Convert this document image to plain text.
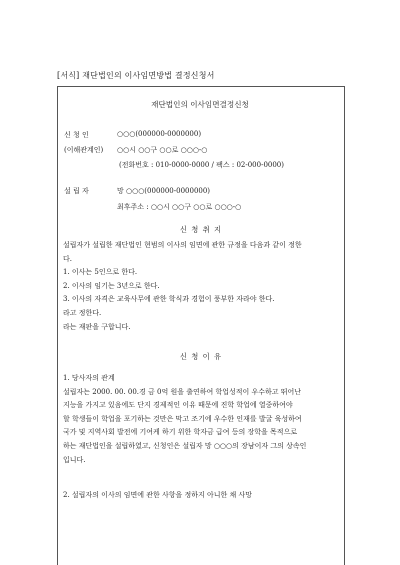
[서식] 재단법인의 이사임면방법 결정신청서
재단법인의 이사임면결정신청
신 청 인	○○○(000000-0000000)
(이해관계인) ○○시 ○○구 ○○로 ○○○-○
(전화번호 : 010-0000-0000 / 팩스 : 02-000-0000)
설 립 자	망 ○○○(000000-0000000)
최후주소 : ○○시 ○○구 ○○로 ○○○-○
신 청 취 지
설립자가 설립한 재단법인 현범의 이사의 임면에 관한 규정을 다음과 같이 정한
다.
1. 이사는 5인으로 한다.
2. 이사의 임기는 3년으로 한다.
3. 이사의 자격은 교육사무에 관한 학식과 경험이 풍부한 자라야 한다.
라고 정한다.
라는 재판을 구합니다.
신 청 이 유
1. 당사자의 관계
설립자는 2000. 00. 00.경 금 0억 원을 출연하여 학업성적이 우수하고 뛰어난
지능을 가지고 있음에도 단지 경제적인 이유 때문에 진학 학업에 열중하여야
할 학생들이 학업을 포기하는 것만은 막고 조기에 우수한 인재를 발굴 육성하여
국가 및 지역사회 발전에 기여케 하기 위한 학자금 급여 등의 장학을 목적으로
하는 재단법인을 설립하였고, 신청인은 설립자 망 ○○○의 장남이자 그의 상속인
입니다.
2. 설립자의 이사의 임면에 관한 사항을 정하지 아니한 채 사망
